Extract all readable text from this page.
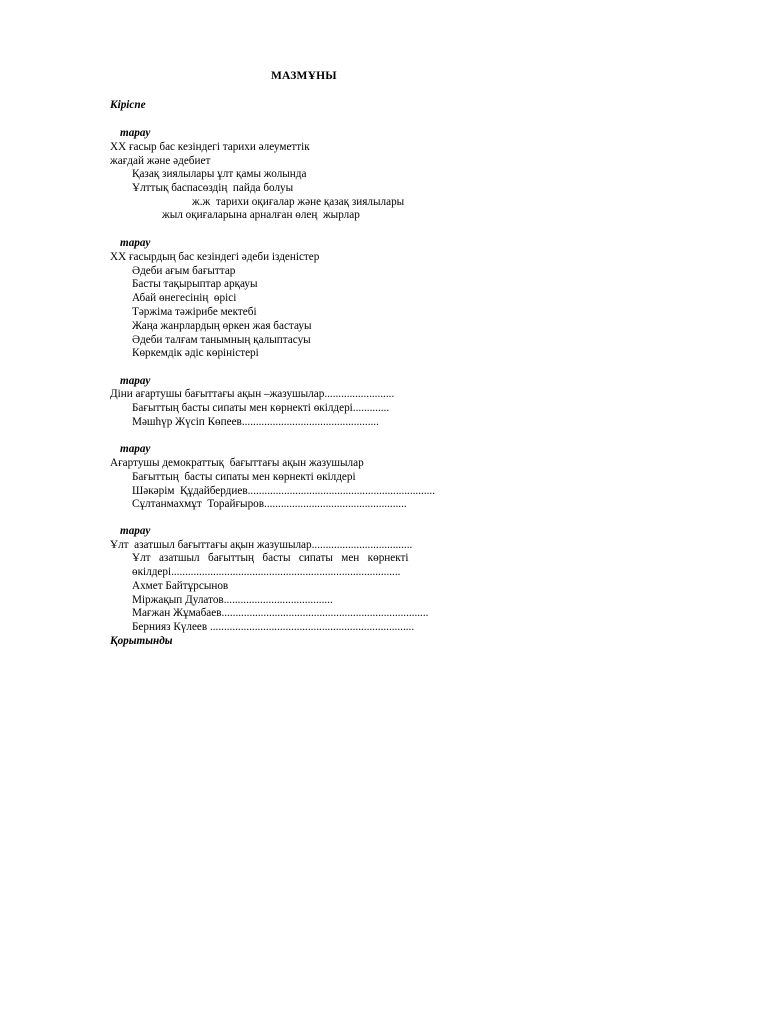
МАЗМҰНЫ
Кіріспе
тарау
ХХ ғасыр бас кезіндегі тарихи әлеуметтік
жағдай және әдебиет
Қазақ зиялылары ұлт қамы жолында
Ұлттық баспасөздің  пайда болуы
ж.ж  тарихи оқиғалар және қазақ зиялылары
жыл оқиғаларына арналған өлең  жырлар
тарау
ХХ ғасырдың бас кезіндегі әдеби ізденістер
Әдеби ағым бағыттар
Басты тақырыптар арқауы
Абай өнегесінің  өрісі
Тәржіма тәжірибе мектебі
Жаңа жанрлардың өркен жая бастауы
Әдеби талғам танымның қалыптасуы
Көркемдік әдіс көріністері
тарау
Діни ағартушы бағыттағы ақын –жазушылар.........................
Бағыттың басты сипаты мен көрнекті өкілдері.............
Мәшһүр Жүсіп Көпеев.................................................
тарау
Ағартушы демократтық  бағыттағы ақын жазушылар
Бағыттың  басты сипаты мен көрнекті өкілдері
Шәкәрім  Құдайбердиев...................................................................
Сұлтанмахмұт  Торайғыров...................................................
тарау
Ұлт  азатшыл бағыттағы ақын жазушылар....................................
Ұлт   азатшыл   бағыттың   басты   сипаты   мен   көрнекті
өкілдері..................................................................................
Ахмет Байтұрсынов
Міржақып Дулатов.......................................
Мағжан Жұмабаев..........................................................................
Бернияз Күлеев .........................................................................
Қорытынды
